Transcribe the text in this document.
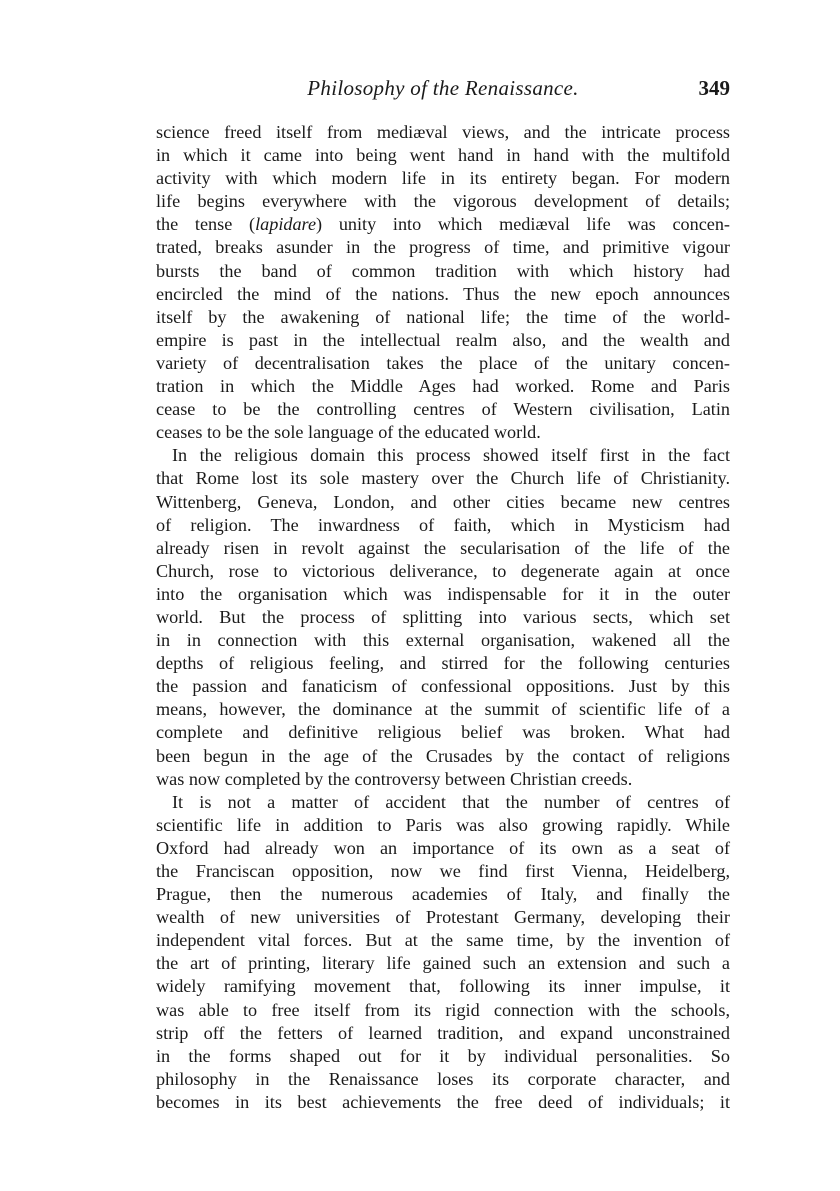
Philosophy of the Renaissance.	349
science freed itself from mediæval views, and the intricate process
in which it came into being went hand in hand with the multifold
activity with which modern life in its entirety began. For modern
life begins everywhere with the vigorous development of details;
the tense (lapidare) unity into which mediæval life was concen-
trated, breaks asunder in the progress of time, and primitive vigour
bursts the band of common tradition with which history had
encircled the mind of the nations. Thus the new epoch announces
itself by the awakening of national life; the time of the world-
empire is past in the intellectual realm also, and the wealth and
variety of decentralisation takes the place of the unitary concen-
tration in which the Middle Ages had worked. Rome and Paris
cease to be the controlling centres of Western civilisation, Latin
ceases to be the sole language of the educated world.
In the religious domain this process showed itself first in the fact
that Rome lost its sole mastery over the Church life of Christianity.
Wittenberg, Geneva, London, and other cities became new centres
of religion. The inwardness of faith, which in Mysticism had
already risen in revolt against the secularisation of the life of the
Church, rose to victorious deliverance, to degenerate again at once
into the organisation which was indispensable for it in the outer
world. But the process of splitting into various sects, which set
in in connection with this external organisation, wakened all the
depths of religious feeling, and stirred for the following centuries
the passion and fanaticism of confessional oppositions. Just by this
means, however, the dominance at the summit of scientific life of a
complete and definitive religious belief was broken. What had
been begun in the age of the Crusades by the contact of religions
was now completed by the controversy between Christian creeds.
It is not a matter of accident that the number of centres of
scientific life in addition to Paris was also growing rapidly. While
Oxford had already won an importance of its own as a seat of
the Franciscan opposition, now we find first Vienna, Heidelberg,
Prague, then the numerous academies of Italy, and finally the
wealth of new universities of Protestant Germany, developing their
independent vital forces. But at the same time, by the invention of
the art of printing, literary life gained such an extension and such a
widely ramifying movement that, following its inner impulse, it
was able to free itself from its rigid connection with the schools,
strip off the fetters of learned tradition, and expand unconstrained
in the forms shaped out for it by individual personalities. So
philosophy in the Renaissance loses its corporate character, and
becomes in its best achievements the free deed of individuals; it
